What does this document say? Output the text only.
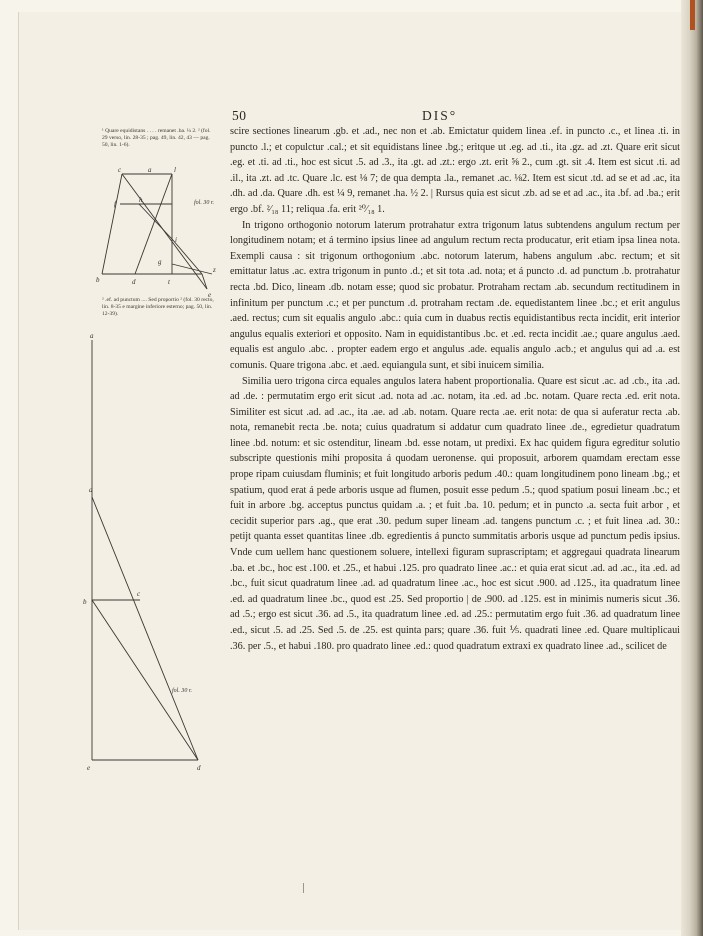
50	DIS°
¹ Quare equidistans . . . . remanet .ba. ¼ 2. ² (fol. 29 verso, lin. 28-35 ; pag. 49, lin. 42, 43 — pag. 50, lin. 1-6).
c	a	l
f	h
i
g
b	d	t
z
e
fol. 30 r.
² .ef. ad punctum .... Sed proportio ² (fol. 30 recto, lin. 8-35 e margine inferiore esterno; pag. 50, lin. 12-39).
a
a
b
c
e	d
fol. 30 r.

scire sectiones linearum .gb. et .ad., nec non et .ab. Emictatur quidem linea .ef. in puncto .c., et linea .ti. in puncto .l.; et copulctur .cal.; et sit equidistans linee .bg.; eritque ut .eg. ad .ti., ita .gz. ad .zt. Quare erit sicut .eg. et .ti. ad .ti., hoc est sicut .5. ad .3., ita .gt. ad .zt.: ergo .zt. erit ⅝ 2., cum .gt. sit .4. Item est sicut .ti. ad .il., ita .zt. ad .tc. Quare .lc. est ⅛ 7; de qua dempta .la., remanet .ac. ⅛2. Item est sicut .td. ad se et ad .ac, ita .dh. ad .da. Quare .dh. est ¼ 9, remanet .ha. ½ 2. | Rursus quia est sicut .zb. ad se et ad .ac., ita .bf. ad .ba.; erit ergo .bf. ²⁄₁₈ 11; reliqua .fa. erit ²⁰⁄₁₈ 1.

In trigono orthogonio notorum laterum protrahatur extra trigonum latus subtendens angulum rectum per longitudinem notam; et á termino ipsius linee ad angulum rectum recta producatur, erit etiam ipsa linea nota. Exempli causa : sit trigonum orthogonium .abc. notorum laterum, habens angulum .abc. rectum; et sit emittatur latus .ac. extra trigonum in punto .d.; et sit tota .ad. nota; et á puncto .d. ad punctum .b. protrahatur recta .bd. Dico, lineam .db. notam esse; quod sic probatur. Protraham rectam .ab. secundum rectitudinem in infinitum per punctum .c.; et per punctum .d. protraham rectam .de. equedistantem linee .bc.; et erit angulus .aed. rectus; cum sit equalis angulo .abc.: quia cum in duabus rectis equidistantibus recta incidit, erit interior angulus equalis exteriori et opposito. Nam in equidistantibus .bc. et .ed. recta incidit .ae.; quare angulus .aed. equalis est angulo .abc. . propter eadem ergo et angulus .ade. equalis angulo .acb.; et angulus qui ad .a. est comunis. Quare trigona .abc. et .aed. equiangula sunt, et sibi inuicem similia.

Similia uero trigona circa equales angulos latera habent proportionalia. Quare est sicut .ac. ad .cb., ita .ad. ad .de. : permutatim ergo erit sicut .ad. nota ad .ac. notam, ita .ed. ad .bc. notam. Quare recta .ed. erit nota. Similiter est sicut .ad. ad .ac., ita .ae. ad .ab. notam. Quare recta .ae. erit nota: de qua si auferatur recta .ab. nota, remanebit recta .be. nota; cuius quadratum si addatur cum quadrato linee .de., egredietur quadratum linee .bd. notum: et sic ostenditur, lineam .bd. esse notam, ut predixi. Ex hac quidem figura egreditur solutio subscripte questionis mihi proposita á quodam ueronense. qui proposuit, arborem quamdam erectam esse prope ripam cuiusdam fluminis; et fuit longitudo arboris pedum .40.: quam longitudinem pono lineam .bg.; et spatium, quod erat á pede arboris usque ad flumen, posuit esse pedum .5.; quod spatium posui lineam .bc.; et fuit in arbore .bg. acceptus punctus quidam .a. ; et fuit .ba. 10. pedum; et in puncto .a. secta fuit arbor , et cecidit superior pars .ag., que erat .30. pedum super lineam .ad. tangens punctum .c. ; et fuit linea .ad. 30.: petijt quanta esset quantitas linee .db. egredientis á puncto summitatis arboris usque ad punctum pedis ipsius. Vnde cum uellem hanc questionem soluere, intellexi figuram suprascriptam; et aggregaui quadrata linearum .ba. et .bc., hoc est .100. et .25., et habui .125. pro quadrato linee .ac.: et quia erat sicut .ad. ad .ac., ita .ed. ad .bc., fuit sicut quadratum linee .ad. ad quadratum linee .ac., hoc est sicut .900. ad .125., ita quadratum linee .ed. ad quadratum linee .bc., quod est .25. Sed proportio | de .900. ad .125. est in minimis numeris sicut .36. ad .5.; ergo est sicut .36. ad .5., ita quadratum linee .ed. ad .25.: permutatim ergo fuit .36. ad quadratum linee .ed., sicut .5. ad .25. Sed .5. de .25. est quinta pars; quare .36. fuit ⅕. quadrati linee .ed. Quare multiplicaui .36. per .5., et habui .180. pro quadrato linee .ed.: quod quadratum extraxi ex quadrato linee .ad., scilicet de
